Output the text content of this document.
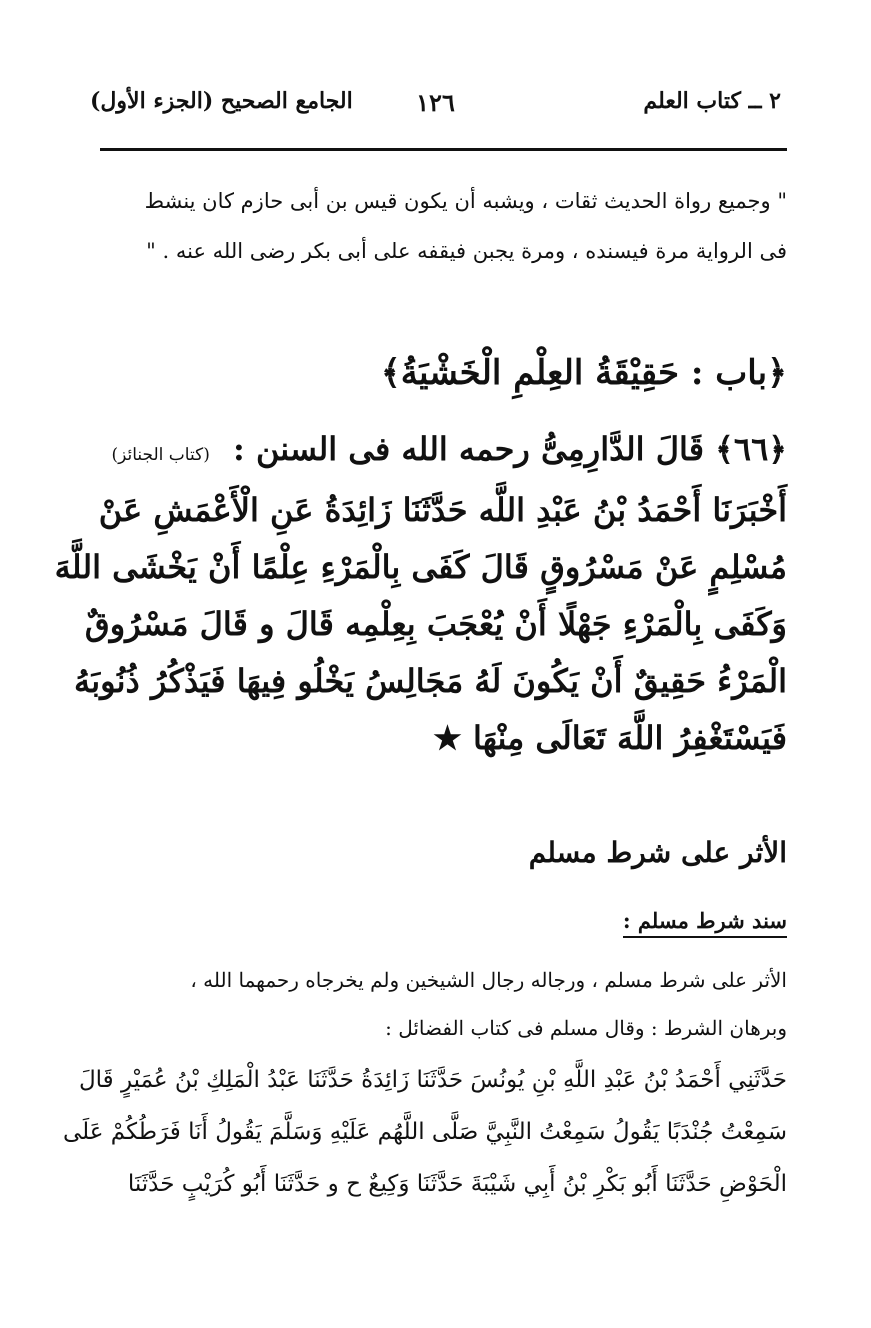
٢ ــ كتاب العلم
١٢٦
الجامع الصحيح (الجزء الأول)
" وجميع رواة الحديث ثقات ، ويشبه أن يكون قيس بن أبى حازم كان ينشط
فى الرواية مرة فيسنده ، ومرة يجبن فيقفه على أبى بكر رضى الله عنه . "
﴿باب : حَقِيْقَةُ العِلْمِ الْخَشْيَةُ﴾
﴿٦٦﴾ قَالَ الدَّارِمِىُّ رحمه الله فى السنن : (كتاب الجنائز)
أَخْبَرَنَا أَحْمَدُ بْنُ عَبْدِ اللَّه حَدَّثَنَا زَائِدَةُ عَنِ الْأَعْمَشِ عَنْ
مُسْلِمٍ عَنْ مَسْرُوقٍ قَالَ كَفَى بِالْمَرْءِ عِلْمًا أَنْ يَخْشَى اللَّهَ
وَكَفَى بِالْمَرْءِ جَهْلًا أَنْ يُعْجَبَ بِعِلْمِه قَالَ و قَالَ مَسْرُوقٌ
الْمَرْءُ حَقِيقٌ أَنْ يَكُونَ لَهُ مَجَالِسُ يَخْلُو فِيهَا فَيَذْكُرُ ذُنُوبَهُ
فَيَسْتَغْفِرُ اللَّهَ تَعَالَى مِنْهَا ★
الأثر على شرط مسلم
سند شرط مسلم :
الأثر على شرط مسلم ، ورجاله رجال الشيخين ولم يخرجاه رحمهما الله ،
وبرهان الشرط : وقال مسلم فى كتاب الفضائل :
حَدَّثَنِي أَحْمَدُ بْنُ عَبْدِ اللَّهِ بْنِ يُونُسَ حَدَّثَنَا زَائِدَةُ حَدَّثَنَا عَبْدُ الْمَلِكِ بْنُ عُمَيْرٍ قَالَ
سَمِعْتُ جُنْدَبًا يَقُولُ سَمِعْتُ النَّبِيَّ صَلَّى اللَّهُم عَلَيْهِ وَسَلَّمَ يَقُولُ أَنَا فَرَطُكُمْ عَلَى
الْحَوْضِ حَدَّثَنَا أَبُو بَكْرِ بْنُ أَبِي شَيْبَةَ حَدَّثَنَا وَكِيعٌ ح و حَدَّثَنَا أَبُو كُرَيْبٍ حَدَّثَنَا
